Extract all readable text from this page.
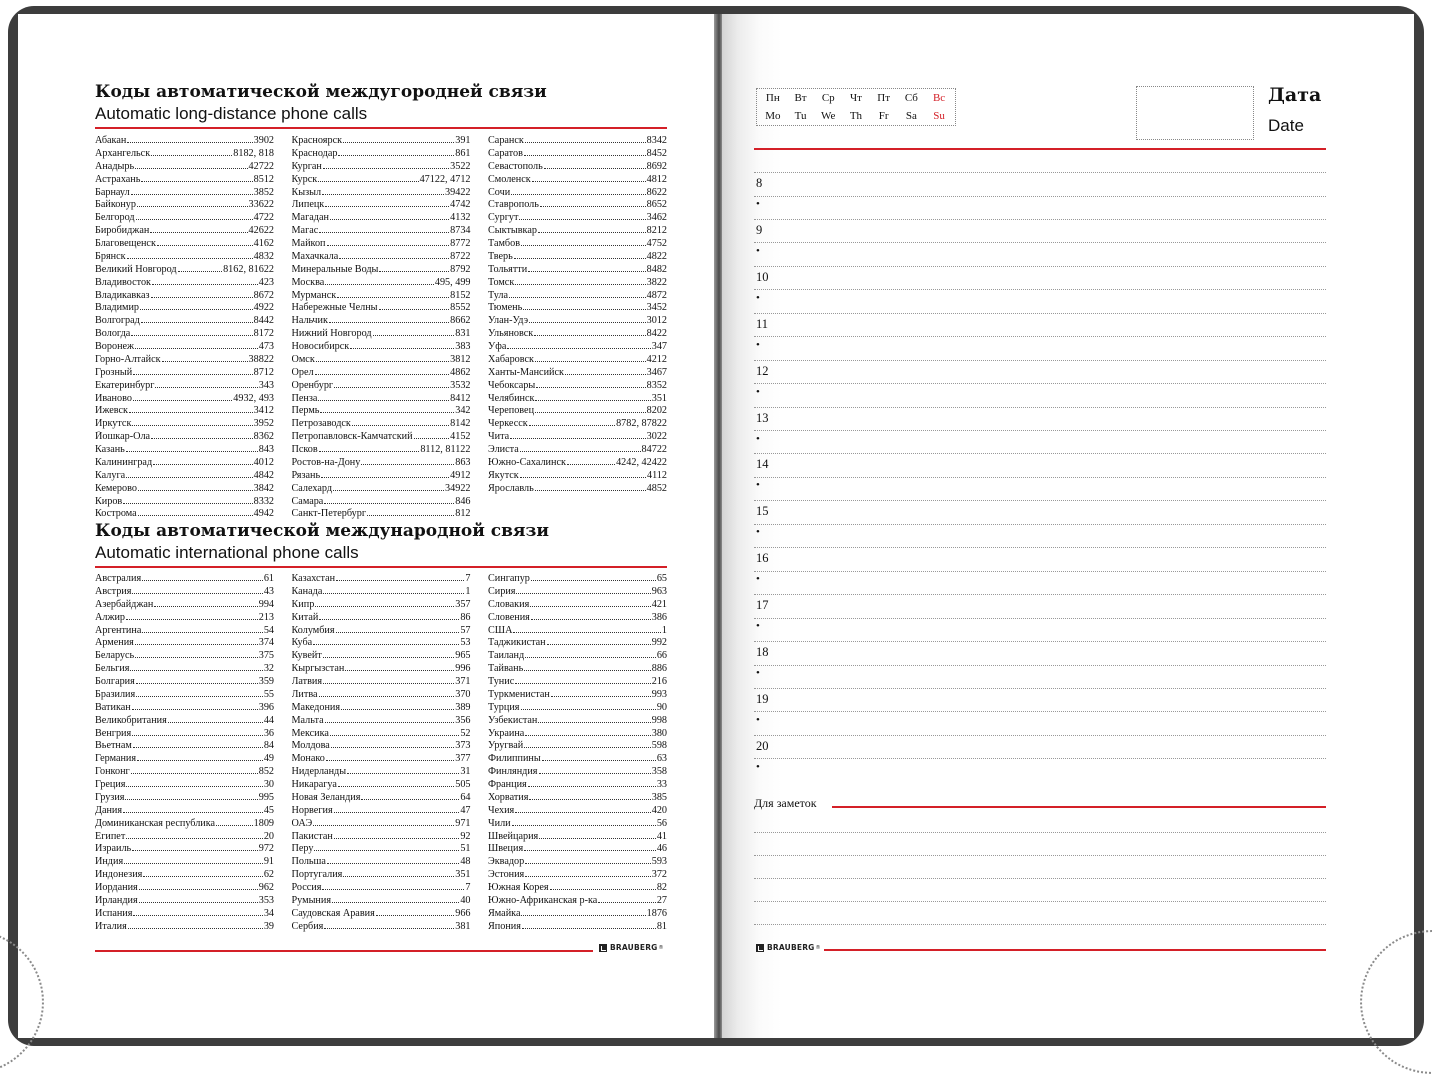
Коды автоматической междугородней связи
Automatic long-distance phone calls
Абакан	3902
Архангельск	8182, 818
Анадырь	42722
Астрахань	8512
Барнаул	3852
Байконур	33622
Белгород	4722
Биробиджан	42622
Благовещенск	4162
Брянск	4832
Великий Новгород	8162, 81622
Владивосток	423
Владикавказ	8672
Владимир	4922
Волгоград	8442
Вологда	8172
Воронеж	473
Горно-Алтайск	38822
Грозный	8712
Екатеринбург	343
Иваново	4932, 493
Ижевск	3412
Иркутск	3952
Йошкар-Ола	8362
Казань	843
Калининград	4012
Калуга	4842
Кемерово	3842
Киров	8332
Кострома	4942
Красноярск	391
Краснодар	861
Курган	3522
Курск	47122, 4712
Кызыл	39422
Липецк	4742
Магадан	4132
Магас	8734
Майкоп	8772
Махачкала	8722
Минеральные Воды	8792
Москва	495, 499
Мурманск	8152
Набережные Челны	8552
Нальчик	8662
Нижний Новгород	831
Новосибирск	383
Омск	3812
Орел	4862
Оренбург	3532
Пенза	8412
Пермь	342
Петрозаводск	8142
Петропавловск-Камчатский	4152
Псков	8112, 81122
Ростов-на-Дону	863
Рязань	4912
Салехард	34922
Самара	846
Санкт-Петербург	812
Саранск	8342
Саратов	8452
Севастополь	8692
Смоленск	4812
Сочи	8622
Ставрополь	8652
Сургут	3462
Сыктывкар	8212
Тамбов	4752
Тверь	4822
Тольятти	8482
Томск	3822
Тула	4872
Тюмень	3452
Улан-Удэ	3012
Ульяновск	8422
Уфа	347
Хабаровск	4212
Ханты-Мансийск	3467
Чебоксары	8352
Челябинск	351
Череповец	8202
Черкесск	8782, 87822
Чита	3022
Элиста	84722
Южно-Сахалинск	4242, 42422
Якутск	4112
Ярославль	4852
Коды автоматической международной связи
Automatic international phone calls
Австралия	61
Австрия	43
Азербайджан	994
Алжир	213
Аргентина	54
Армения	374
Беларусь	375
Бельгия	32
Болгария	359
Бразилия	55
Ватикан	396
Великобритания	44
Венгрия	36
Вьетнам	84
Германия	49
Гонконг	852
Греция	30
Грузия	995
Дания	45
Доминиканская республика	1809
Египет	20
Израиль	972
Индия	91
Индонезия	62
Иордания	962
Ирландия	353
Испания	34
Италия	39
Казахстан	7
Канада	1
Кипр	357
Китай	86
Колумбия	57
Куба	53
Кувейт	965
Кыргызстан	996
Латвия	371
Литва	370
Македония	389
Мальта	356
Мексика	52
Молдова	373
Монако	377
Нидерланды	31
Никарагуа	505
Новая Зеландия	64
Норвегия	47
ОАЭ	971
Пакистан	92
Перу	51
Польша	48
Португалия	351
Россия	7
Румыния	40
Саудовская Аравия	966
Сербия	381
Сингапур	65
Сирия	963
Словакия	421
Словения	386
США	1
Таджикистан	992
Таиланд	66
Тайвань	886
Тунис	216
Туркменистан	993
Турция	90
Узбекистан	998
Украина	380
Уругвай	598
Филиппины	63
Финляндия	358
Франция	33
Хорватия	385
Чехия	420
Чили	56
Швейцария	41
Швеция	46
Эквадор	593
Эстония	372
Южная Корея	82
Южно-Африканская р-ка	27
Ямайка	1876
Япония	81
BRAUBERG ®
Пн	Вт	Ср	Чт	Пт	Сб	Вс
Mo	Tu	We	Th	Fr	Sa	Su
Дата
Date
8
•
9
•
10
•
11
•
12
•
13
•
14
•
15
•
16
•
17
•
18
•
19
•
20
•
Для заметок
BRAUBERG ®
